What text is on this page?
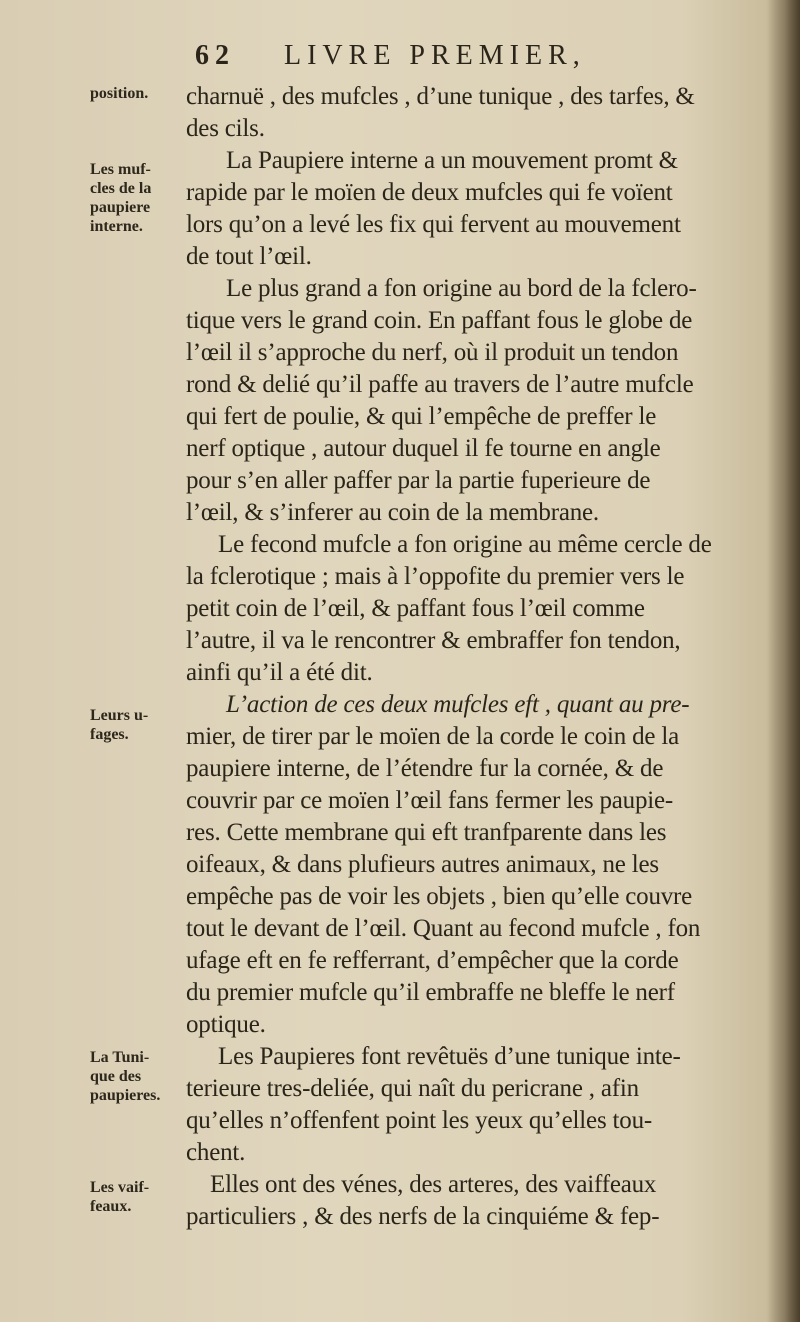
62 LIVRE PREMIER,
position.
Les muf-
cles de la
paupiere
interne.
Leurs u-
fages.
La Tuni-
que des
paupieres.
Les vaif-
feaux.
charnuë , des mufcles , d’une tunique , des tarfes, &
des cils.
La Paupiere interne a un mouvement promt &
rapide par le moïen de deux mufcles qui fe voïent
lors qu’on a levé les fix qui fervent au mouvement
de tout l’œil.
Le plus grand a fon origine au bord de la fclero-
tique vers le grand coin. En paffant fous le globe de
l’œil il s’approche du nerf, où il produit un tendon
rond & delié qu’il paffe au travers de l’autre mufcle
qui fert de poulie, & qui l’empêche de preffer le
nerf optique , autour duquel il fe tourne en angle
pour s’en aller paffer par la partie fuperieure de
l’œil, & s’inferer au coin de la membrane.
Le fecond mufcle a fon origine au même cercle de
la fclerotique ; mais à l’oppofite du premier vers le
petit coin de l’œil, & paffant fous l’œil comme
l’autre, il va le rencontrer & embraffer fon tendon,
ainfi qu’il a été dit.
L’action de ces deux mufcles eft , quant au pre-
mier, de tirer par le moïen de la corde le coin de la
paupiere interne, de l’étendre fur la cornée, & de
couvrir par ce moïen l’œil fans fermer les paupie-
res. Cette membrane qui eft tranfparente dans les
oifeaux, & dans plufieurs autres animaux, ne les
empêche pas de voir les objets , bien qu’elle couvre
tout le devant de l’œil. Quant au fecond mufcle , fon
ufage eft en fe refferrant, d’empêcher que la corde
du premier mufcle qu’il embraffe ne bleffe le nerf
optique.
Les Paupieres font revêtuës d’une tunique inte-
terieure tres-deliée, qui naît du pericrane , afin
qu’elles n’offenfent point les yeux qu’elles tou-
chent.
Elles ont des vénes, des arteres, des vaiffeaux
particuliers , & des nerfs de la cinquiéme & fep-
